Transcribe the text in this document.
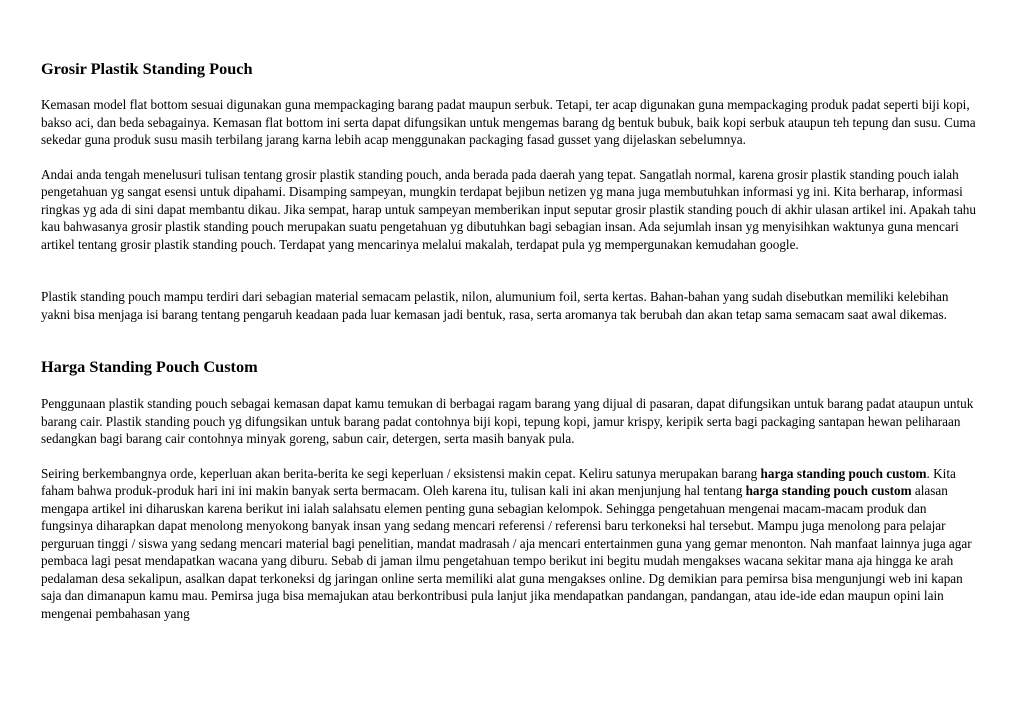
Grosir Plastik Standing Pouch

Kemasan model flat bottom sesuai digunakan guna mempackaging barang padat maupun serbuk. Tetapi, ter acap digunakan guna mempackaging produk padat seperti biji kopi, bakso aci, dan beda sebagainya. Kemasan flat bottom ini serta dapat difungsikan untuk mengemas barang dg bentuk bubuk, baik kopi serbuk ataupun teh tepung dan susu. Cuma sekedar guna produk susu masih terbilang jarang karna lebih acap menggunakan packaging fasad gusset yang dijelaskan sebelumnya.

Andai anda tengah menelusuri tulisan tentang grosir plastik standing pouch, anda berada pada daerah yang tepat. Sangatlah normal, karena grosir plastik standing pouch ialah pengetahuan yg sangat esensi untuk dipahami. Disamping sampeyan, mungkin terdapat bejibun netizen yg mana juga membutuhkan informasi yg ini. Kita berharap, informasi ringkas yg ada di sini dapat membantu dikau. Jika sempat, harap untuk sampeyan memberikan input seputar grosir plastik standing pouch di akhir ulasan artikel ini. Apakah tahu kau bahwasanya grosir plastik standing pouch merupakan suatu pengetahuan yg dibutuhkan bagi sebagian insan. Ada sejumlah insan yg menyisihkan waktunya guna mencari artikel tentang grosir plastik standing pouch. Terdapat yang mencarinya melalui makalah, terdapat pula yg mempergunakan kemudahan google.

Plastik standing pouch mampu terdiri dari sebagian material semacam pelastik, nilon, alumunium foil, serta kertas. Bahan-bahan yang sudah disebutkan memiliki kelebihan yakni bisa menjaga isi barang tentang pengaruh keadaan pada luar kemasan jadi bentuk, rasa, serta aromanya tak berubah dan akan tetap sama semacam saat awal dikemas.

Harga Standing Pouch Custom

Penggunaan plastik standing pouch sebagai kemasan dapat kamu temukan di berbagai ragam barang yang dijual di pasaran, dapat difungsikan untuk barang padat ataupun untuk barang cair. Plastik standing pouch yg difungsikan untuk barang padat contohnya biji kopi, tepung kopi, jamur krispy, keripik serta bagi packaging santapan hewan peliharaan sedangkan bagi barang cair contohnya minyak goreng, sabun cair, detergen, serta masih banyak pula.

Seiring berkembangnya orde, keperluan akan berita-berita ke segi keperluan / eksistensi makin cepat. Keliru satunya merupakan barang harga standing pouch custom. Kita faham bahwa produk-produk hari ini ini makin banyak serta bermacam. Oleh karena itu, tulisan kali ini akan menjunjung hal tentang harga standing pouch custom alasan mengapa artikel ini diharuskan karena berikut ini ialah salahsatu elemen penting guna sebagian kelompok. Sehingga pengetahuan mengenai macam-macam produk dan fungsinya diharapkan dapat menolong menyokong banyak insan yang sedang mencari referensi / referensi baru terkoneksi hal tersebut. Mampu juga menolong para pelajar perguruan tinggi / siswa yang sedang mencari material bagi penelitian, mandat madrasah / aja mencari entertainmen guna yang gemar menonton. Nah manfaat lainnya juga agar pembaca lagi pesat mendapatkan wacana yang diburu. Sebab di jaman ilmu pengetahuan tempo berikut ini begitu mudah mengakses wacana sekitar mana aja hingga ke arah pedalaman desa sekalipun, asalkan dapat terkoneksi dg jaringan online serta memiliki alat guna mengakses online. Dg demikian para pemirsa bisa mengunjungi web ini kapan saja dan dimanapun kamu mau. Pemirsa juga bisa memajukan atau berkontribusi pula lanjut jika mendapatkan pandangan, pandangan, atau ide-ide edan maupun opini lain mengenai pembahasan yang
